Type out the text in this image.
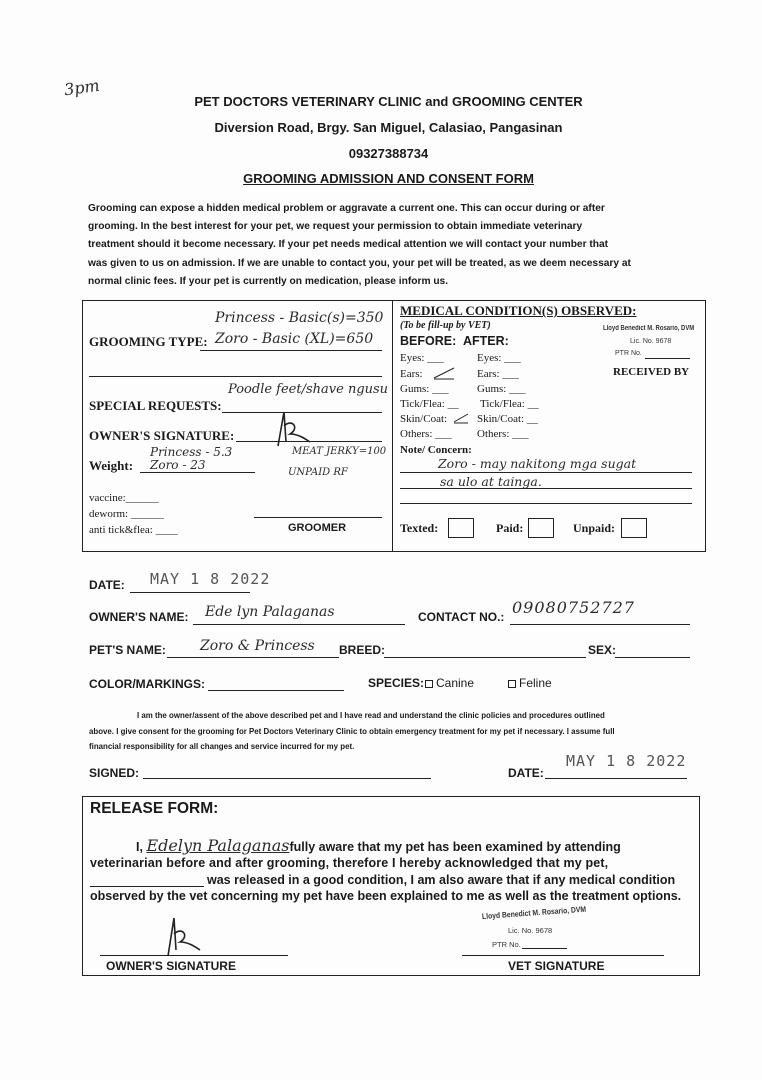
3pm
PET DOCTORS VETERINARY CLINIC and GROOMING CENTER
Diversion Road, Brgy. San Miguel, Calasiao, Pangasinan
09327388734
GROOMING ADMISSION AND CONSENT FORM
Grooming can expose a hidden medical problem or aggravate a current one. This can occur during or after
grooming. In the best interest for your pet, we request your permission to obtain immediate veterinary
treatment should it become necessary. If your pet needs medical attention we will contact your number that
was given to us on admission. If we are unable to contact you, your pet will be treated, as we deem necessary at
normal clinic fees. If your pet is currently on medication, please inform us.
Princess - Basic(s)=350
GROOMING TYPE: Zoro - Basic (XL)=650
Poodle feet/shave ngusu
SPECIAL REQUESTS:
OWNER'S SIGNATURE:
Princess - 5.3
Weight: Zoro - 23
MEAT JERKY=100
UNPAID RF
vaccine:______
deworm: ______
anti tick&flea: ____	GROOMER
MEDICAL CONDITION(S) OBSERVED:
(To be fill-up by VET)
BEFORE: AFTER:
Lloyd Benedict M. Rosario, DVM
Lic. No. 9678
PTR No.
RECEIVED BY
Eyes: ___	Eyes: ___
Ears:	Ears: ___
Gums: ___	Gums: ___
Tick/Flea: __ Tick/Flea: __
Skin/Coat:	Skin/Coat: __
Others: ___ Others: ___
Note/ Concern:
Zoro - may nakitong mga sugat
sa ulo at tainga.
Texted:	Paid:	Unpaid:
DATE: MAY 1 8 2022
OWNER'S NAME: Ede lyn Palaganas	CONTACT NO.: 09080752727
PET'S NAME: Zoro & Princess BREED:	SEX:
COLOR/MARKINGS:	SPECIES: Canine	Feline
I am the owner/assent of the above described pet and I have read and understand the clinic policies and procedures outlined
above. I give consent for the grooming for Pet Doctors Veterinary Clinic to obtain emergency treatment for my pet if necessary. I assume full
financial responsibility for all changes and service incurred for my pet.
SIGNED:	DATE:
MAY 1 8 2022
RELEASE FORM:
I, Edelyn Palaganasfully aware that my pet has been examined by attending
veterinarian before and after grooming, therefore I hereby acknowledged that my pet,
was released in a good condition, I am also aware that if any medical condition
observed by the vet concerning my pet have been explained to me as well as the treatment options.
OWNER'S SIGNATURE
Lloyd Benedict M. Rosario, DVM
Lic. No. 9678
PTR No.
VET SIGNATURE
